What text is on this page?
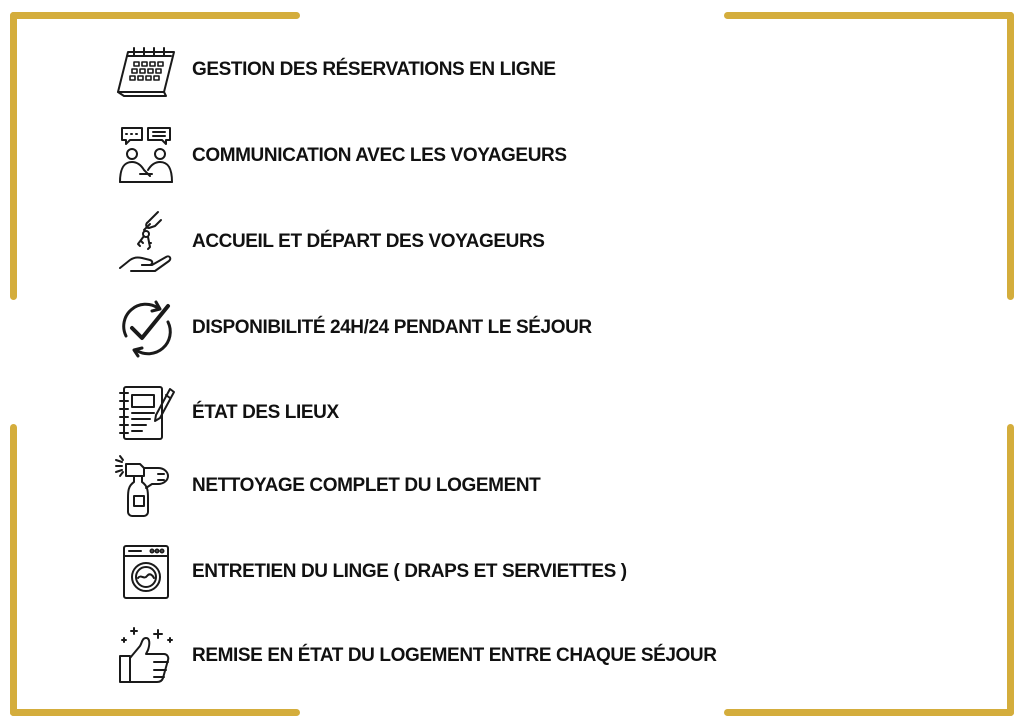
GESTION DES RÉSERVATIONS EN LIGNE
COMMUNICATION AVEC LES VOYAGEURS
ACCUEIL ET DÉPART DES VOYAGEURS
DISPONIBILITÉ 24H/24 PENDANT LE SÉJOUR
ÉTAT DES LIEUX
NETTOYAGE COMPLET DU LOGEMENT
ENTRETIEN DU LINGE ( DRAPS ET SERVIETTES )
REMISE EN ÉTAT DU LOGEMENT ENTRE CHAQUE SÉJOUR
